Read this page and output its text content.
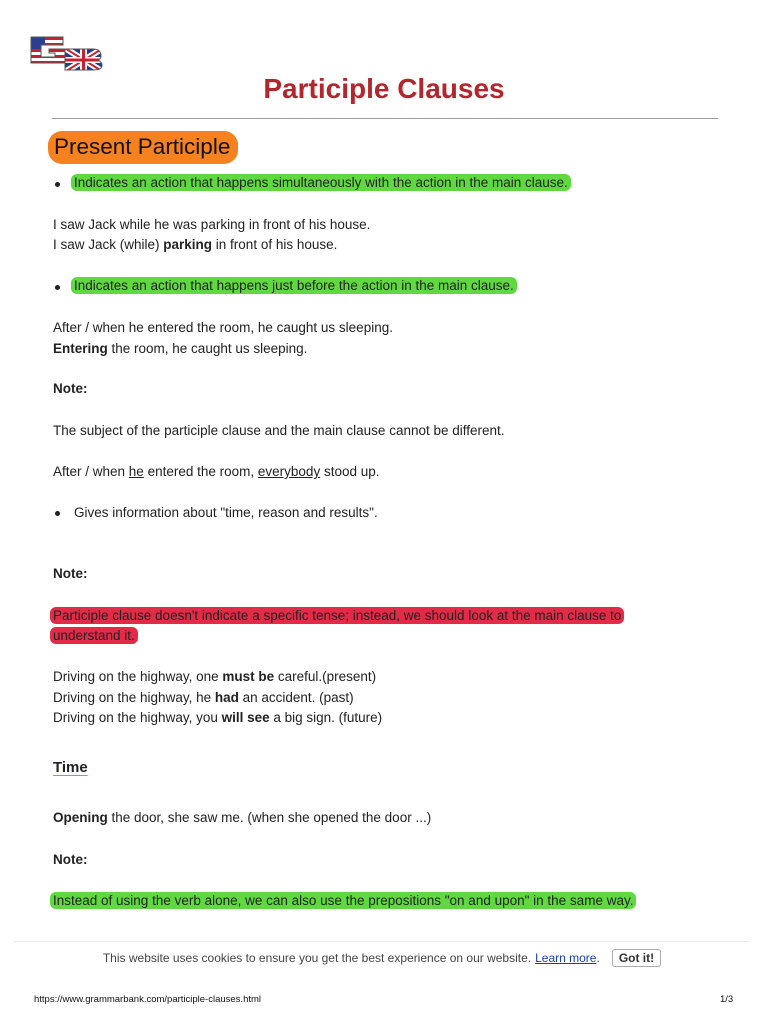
Participle Clauses
Present Participle
Indicates an action that happens simultaneously with the action in the main clause.
I saw Jack while he was parking in front of his house.
I saw Jack (while) parking in front of his house.
Indicates an action that happens just before the action in the main clause.
After / when he entered the room, he caught us sleeping.
Entering the room, he caught us sleeping.
Note:
The subject of the participle clause and the main clause cannot be different.
After / when he entered the room, everybody stood up.
Gives information about "time, reason and results".
Note:
Participle clause doesn't indicate a specific tense; instead, we should look at the main clause to
understand it.
Driving on the highway, one must be careful.(present)
Driving on the highway, he had an accident. (past)
Driving on the highway, you will see a big sign. (future)
Time
Opening the door, she saw me. (when she opened the door ...)
Note:
Instead of using the verb alone, we can also use the prepositions "on and upon" in the same way.
This website uses cookies to ensure you get the best experience on our website. Learn more .	Got it!
https://www.grammarbank.com/participle-clauses.html	1/3
